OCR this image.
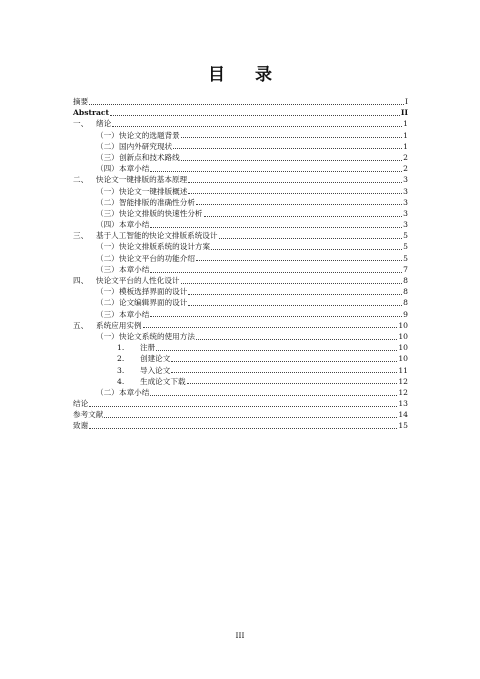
目 录
摘要	I
Abstract	II
一、 绪论	1
（一）快论文的选题背景	1
（二）国内外研究现状	1
（三）创新点和技术路线	2
（四）本章小结	2
二、 快论文一键排版的基本原理	3
（一）快论文一键排版概述	3
（二）智能排版的准确性分析	3
（三）快论文排版的快速性分析	3
（四）本章小结	3
三、 基于人工智能的快论文排版系统设计	5
（一）快论文排版系统的设计方案	5
（二）快论文平台的功能介绍	5
（三）本章小结	7
四、 快论文平台的人性化设计	8
（一）模板选择界面的设计	8
（二）论文编辑界面的设计	8
（三）本章小结	9
五、 系统应用实例	10
（一）快论文系统的使用方法	10
1. 注册	10
2. 创建论文	10
3. 导入论文	11
4. 生成论文下载	12
（二）本章小结	12
结论	13
参考文献	14
致谢	15
III
